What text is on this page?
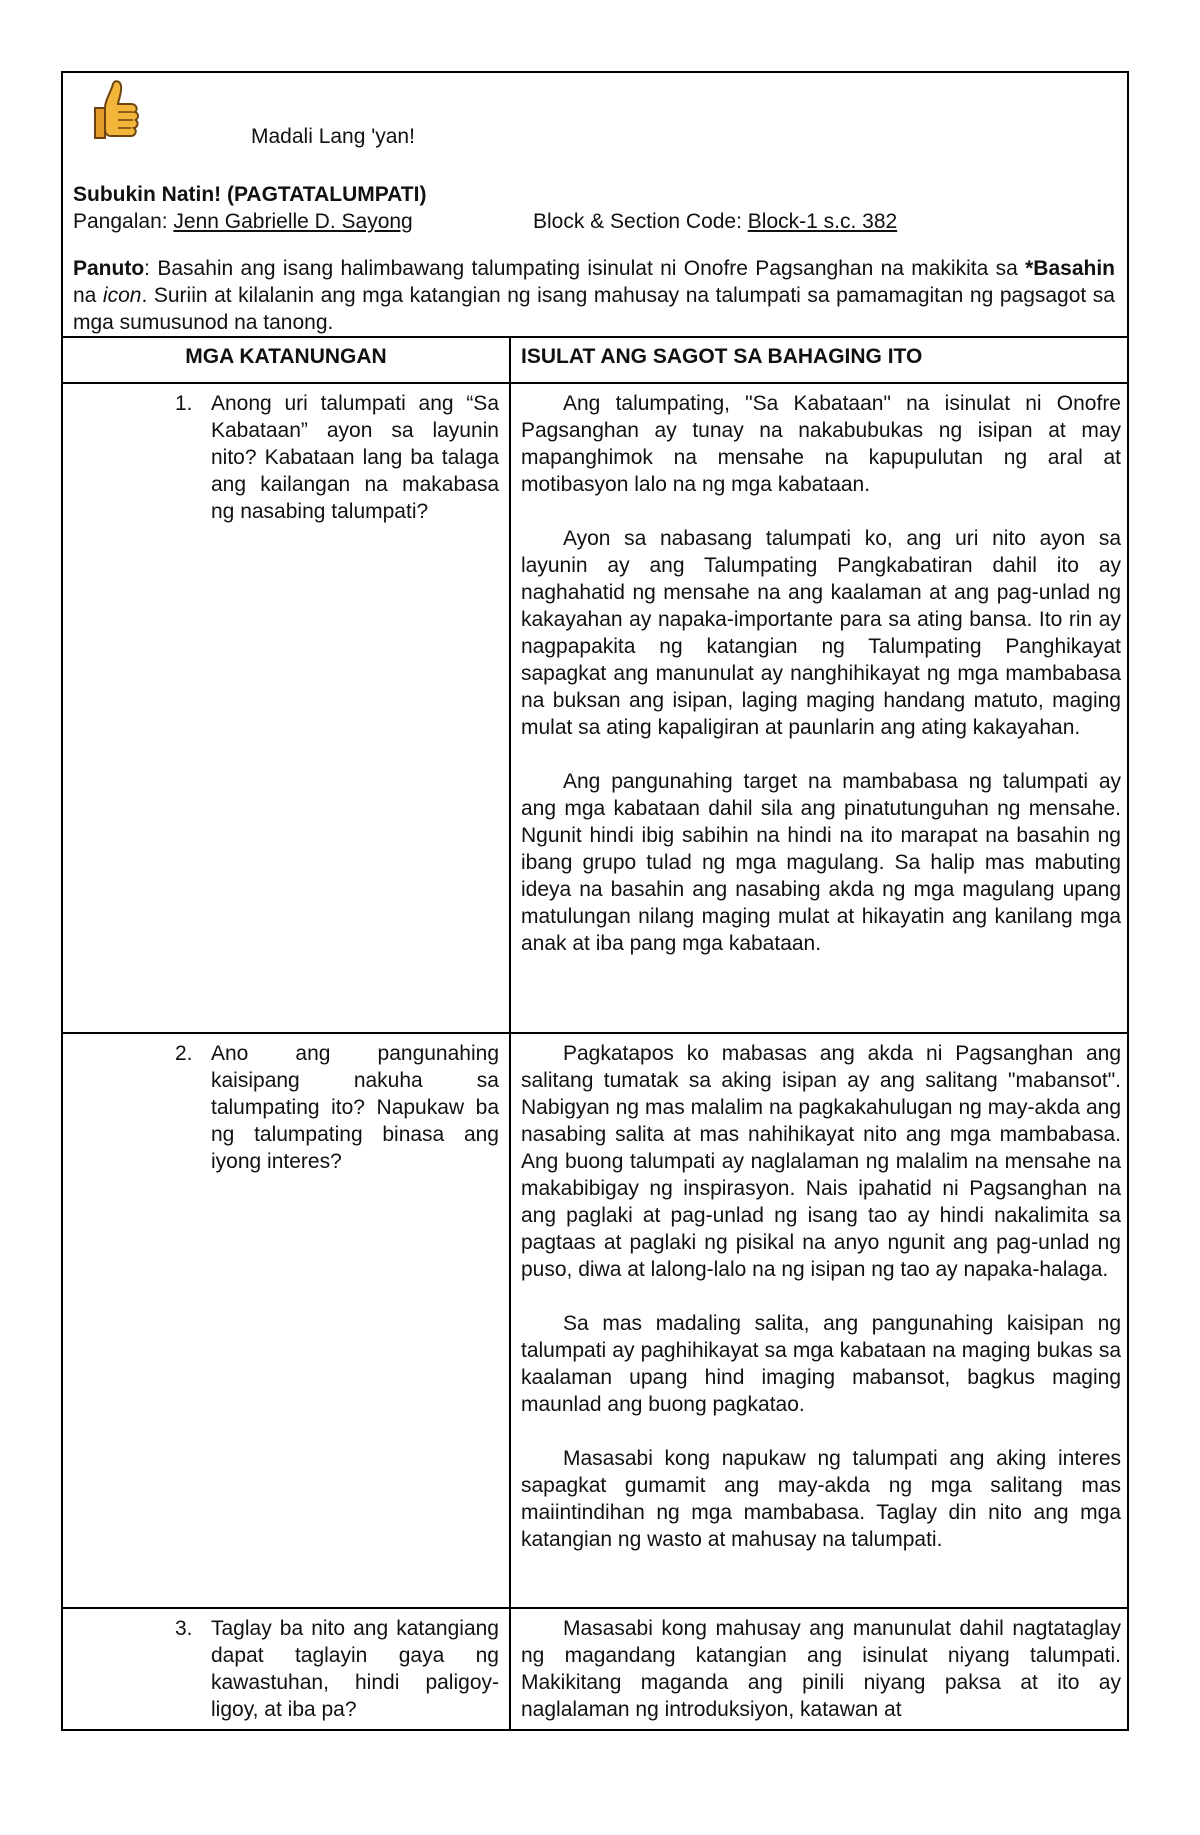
Madali Lang 'yan!
Subukin Natin! (PAGTATALUMPATI)
Pangalan: Jenn Gabrielle D. Sayong	Block & Section Code: Block-1 s.c. 382
Panuto: Basahin ang isang halimbawang talumpating isinulat ni Onofre Pagsanghan na makikita sa *Basahin na icon. Suriin at kilalanin ang mga katangian ng isang mahusay na talumpati sa pamamagitan ng pagsagot sa mga sumusunod na tanong.
MGA KATANUNGAN	ISULAT ANG SAGOT SA BAHAGING ITO
1. Anong uri talumpati ang “Sa Kabataan” ayon sa layunin nito? Kabataan lang ba talaga ang kailangan na makabasa ng nasabing talumpati?

Ang talumpating, "Sa Kabataan" na isinulat ni Onofre Pagsanghan ay tunay na nakabubukas ng isipan at may mapanghimok na mensahe na kapupulutan ng aral at motibasyon lalo na ng mga kabataan.

Ayon sa nabasang talumpati ko, ang uri nito ayon sa layunin ay ang Talumpating Pangkabatiran dahil ito ay naghahatid ng mensahe na ang kaalaman at ang pag-unlad ng kakayahan ay napaka-importante para sa ating bansa. Ito rin ay nagpapakita ng katangian ng Talumpating Panghikayat sapagkat ang manunulat ay nanghihikayat ng mga mambabasa na buksan ang isipan, laging maging handang matuto, maging mulat sa ating kapaligiran at paunlarin ang ating kakayahan.

Ang pangunahing target na mambabasa ng talumpati ay ang mga kabataan dahil sila ang pinatutunguhan ng mensahe. Ngunit hindi ibig sabihin na hindi na ito marapat na basahin ng ibang grupo tulad ng mga magulang. Sa halip mas mabuting ideya na basahin ang nasabing akda ng mga magulang upang matulungan nilang maging mulat at hikayatin ang kanilang mga anak at iba pang mga kabataan.

2. Ano ang pangunahing kaisipang nakuha sa talumpating ito? Napukaw ba ng talumpating binasa ang iyong interes?

Pagkatapos ko mabasas ang akda ni Pagsanghan ang salitang tumatak sa aking isipan ay ang salitang "mabansot". Nabigyan ng mas malalim na pagkakahulugan ng may-akda ang nasabing salita at mas nahihikayat nito ang mga mambabasa. Ang buong talumpati ay naglalaman ng malalim na mensahe na makabibigay ng inspirasyon. Nais ipahatid ni Pagsanghan na ang paglaki at pag-unlad ng isang tao ay hindi nakalimita sa pagtaas at paglaki ng pisikal na anyo ngunit ang pag-unlad ng puso, diwa at lalong-lalo na ng isipan ng tao ay napaka-halaga.

Sa mas madaling salita, ang pangunahing kaisipan ng talumpati ay paghihikayat sa mga kabataan na maging bukas sa kaalaman upang hind imaging mabansot, bagkus maging maunlad ang buong pagkatao.

Masasabi kong napukaw ng talumpati ang aking interes sapagkat gumamit ang may-akda ng mga salitang mas maiintindihan ng mga mambabasa. Taglay din nito ang mga katangian ng wasto at mahusay na talumpati.

3. Taglay ba nito ang katangiang dapat taglayin gaya ng kawastuhan, hindi paligoy-ligoy, at iba pa?

Masasabi kong mahusay ang manunulat dahil nagtataglay ng magandang katangian ang isinulat niyang talumpati. Makikitang maganda ang pinili niyang paksa at ito ay naglalaman ng introduksiyon, katawan at
